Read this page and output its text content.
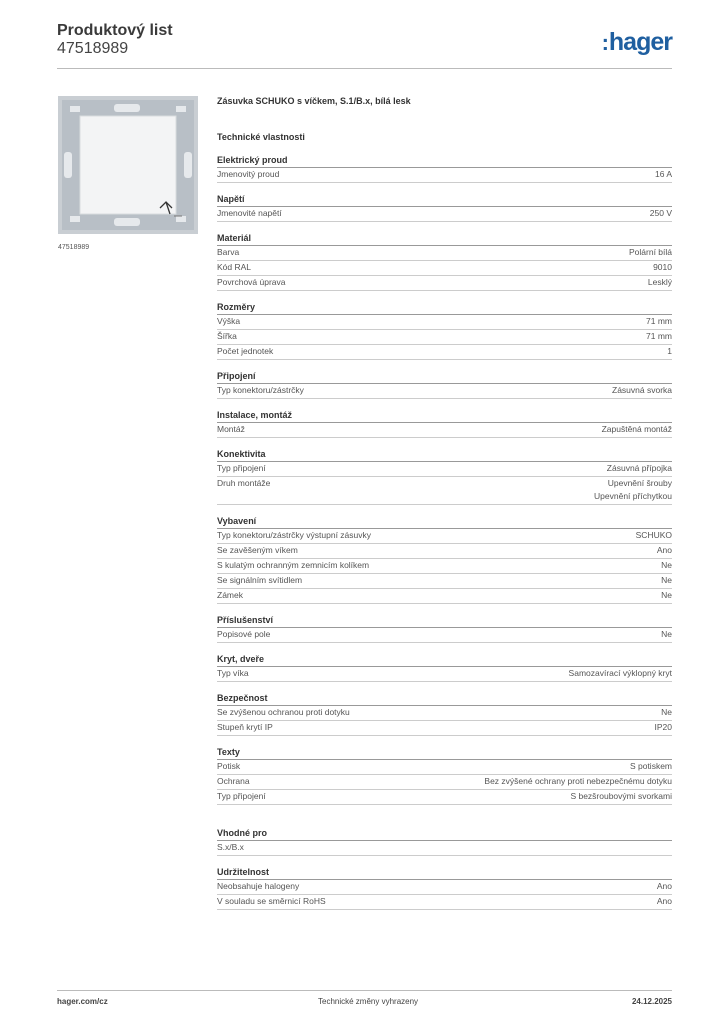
Produktový list
47518989	:hager
47518989
Zásuvka SCHUKO s víčkem, S.1/B.x, bílá lesk
Technické vlastnosti
Elektrický proud
Jmenovitý proud	16 A
Napětí
Jmenovité napětí	250 V
Materiál
Barva	Polární bílá
Kód RAL	9010
Povrchová úprava	Lesklý
Rozměry
Výška	71 mm
Šířka	71 mm
Počet jednotek	1
Připojení
Typ konektoru/zástrčky	Zásuvná svorka
Instalace, montáž
Montáž	Zapuštěná montáž
Konektivita
Typ připojení	Zásuvná přípojka
Druh montáže	Upevnění šrouby
Upevnění příchytkou
Vybavení
Typ konektoru/zástrčky výstupní zásuvky	SCHUKO
Se zavěšeným víkem	Ano
S kulatým ochranným zemnicím kolíkem	Ne
Se signálním svítidlem	Ne
Zámek	Ne
Příslušenství
Popisové pole	Ne
Kryt, dveře
Typ víka	Samozavírací výklopný kryt
Bezpečnost
Se zvýšenou ochranou proti dotyku	Ne
Stupeň krytí IP	IP20
Texty
Potisk	S potiskem
Ochrana	Bez zvýšené ochrany proti nebezpečnému dotyku
Typ připojení	S bezšroubovými svorkami
Vhodné pro
S.x/B.x
Udržitelnost
Neobsahuje halogeny	Ano
V souladu se směrnicí RoHS	Ano
hager.com/cz	Technické změny vyhrazeny	24.12.2025
